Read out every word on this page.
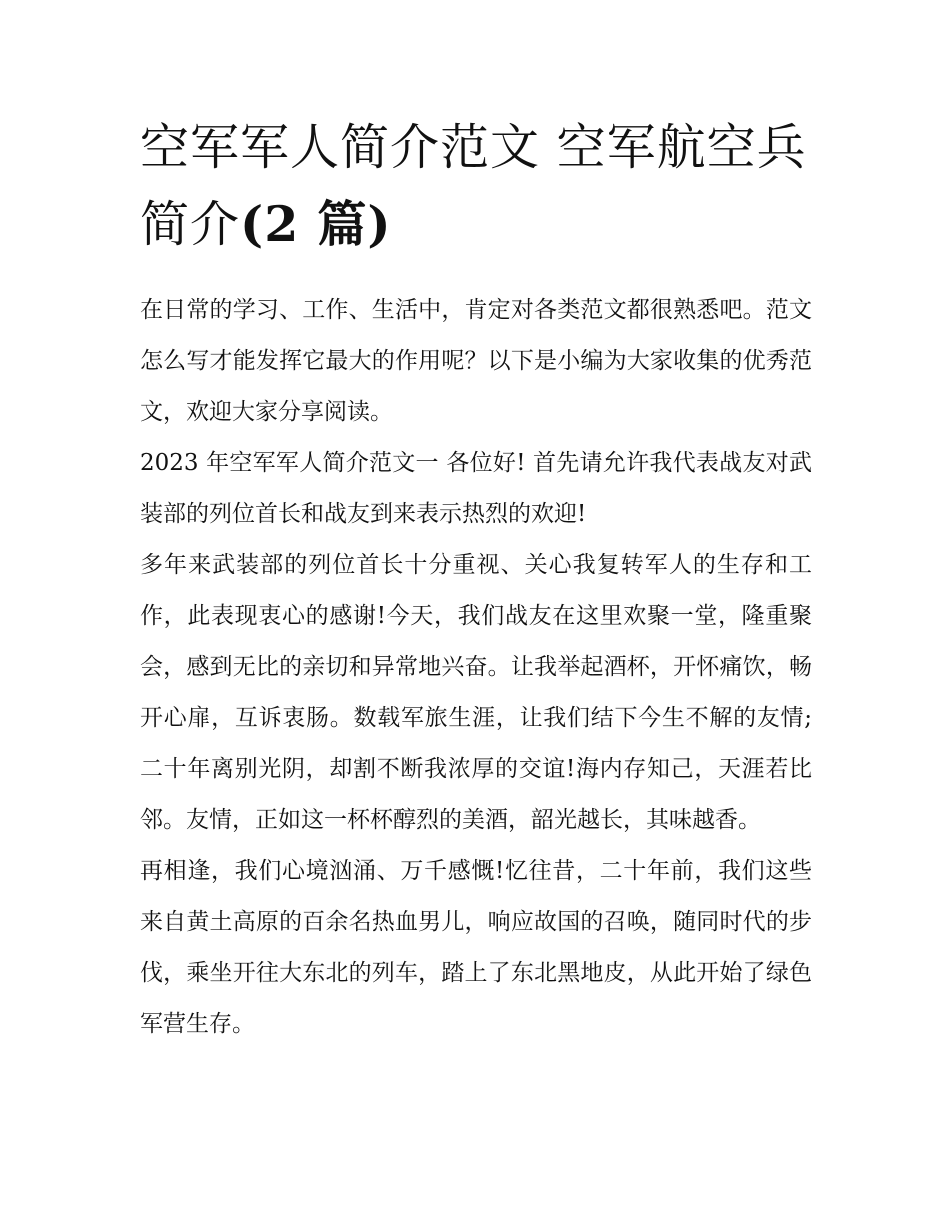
空军军人简介范文 空军航空兵简介(2 篇)

在日常的学习、工作、生活中，肯定对各类范文都很熟悉吧。范文怎么写才能发挥它最大的作用呢？以下是小编为大家收集的优秀范文，欢迎大家分享阅读。

2023 年空军军人简介范文一 各位好! 首先请允许我代表战友对武装部的列位首长和战友到来表示热烈的欢迎!

多年来武装部的列位首长十分重视、关心我复转军人的生存和工作，此表现衷心的感谢!今天，我们战友在这里欢聚一堂，隆重聚会，感到无比的亲切和异常地兴奋。让我举起酒杯，开怀痛饮，畅开心扉，互诉衷肠。数载军旅生涯，让我们结下今生不解的友情;二十年离别光阴，却割不断我浓厚的交谊!海内存知己，天涯若比邻。友情，正如这一杯杯醇烈的美酒，韶光越长，其味越香。

再相逢，我们心境汹涌、万千感慨!忆往昔，二十年前，我们这些来自黄土高原的百余名热血男儿，响应故国的召唤，随同时代的步伐，乘坐开往大东北的列车，踏上了东北黑地皮，从此开始了绿色军营生存。
